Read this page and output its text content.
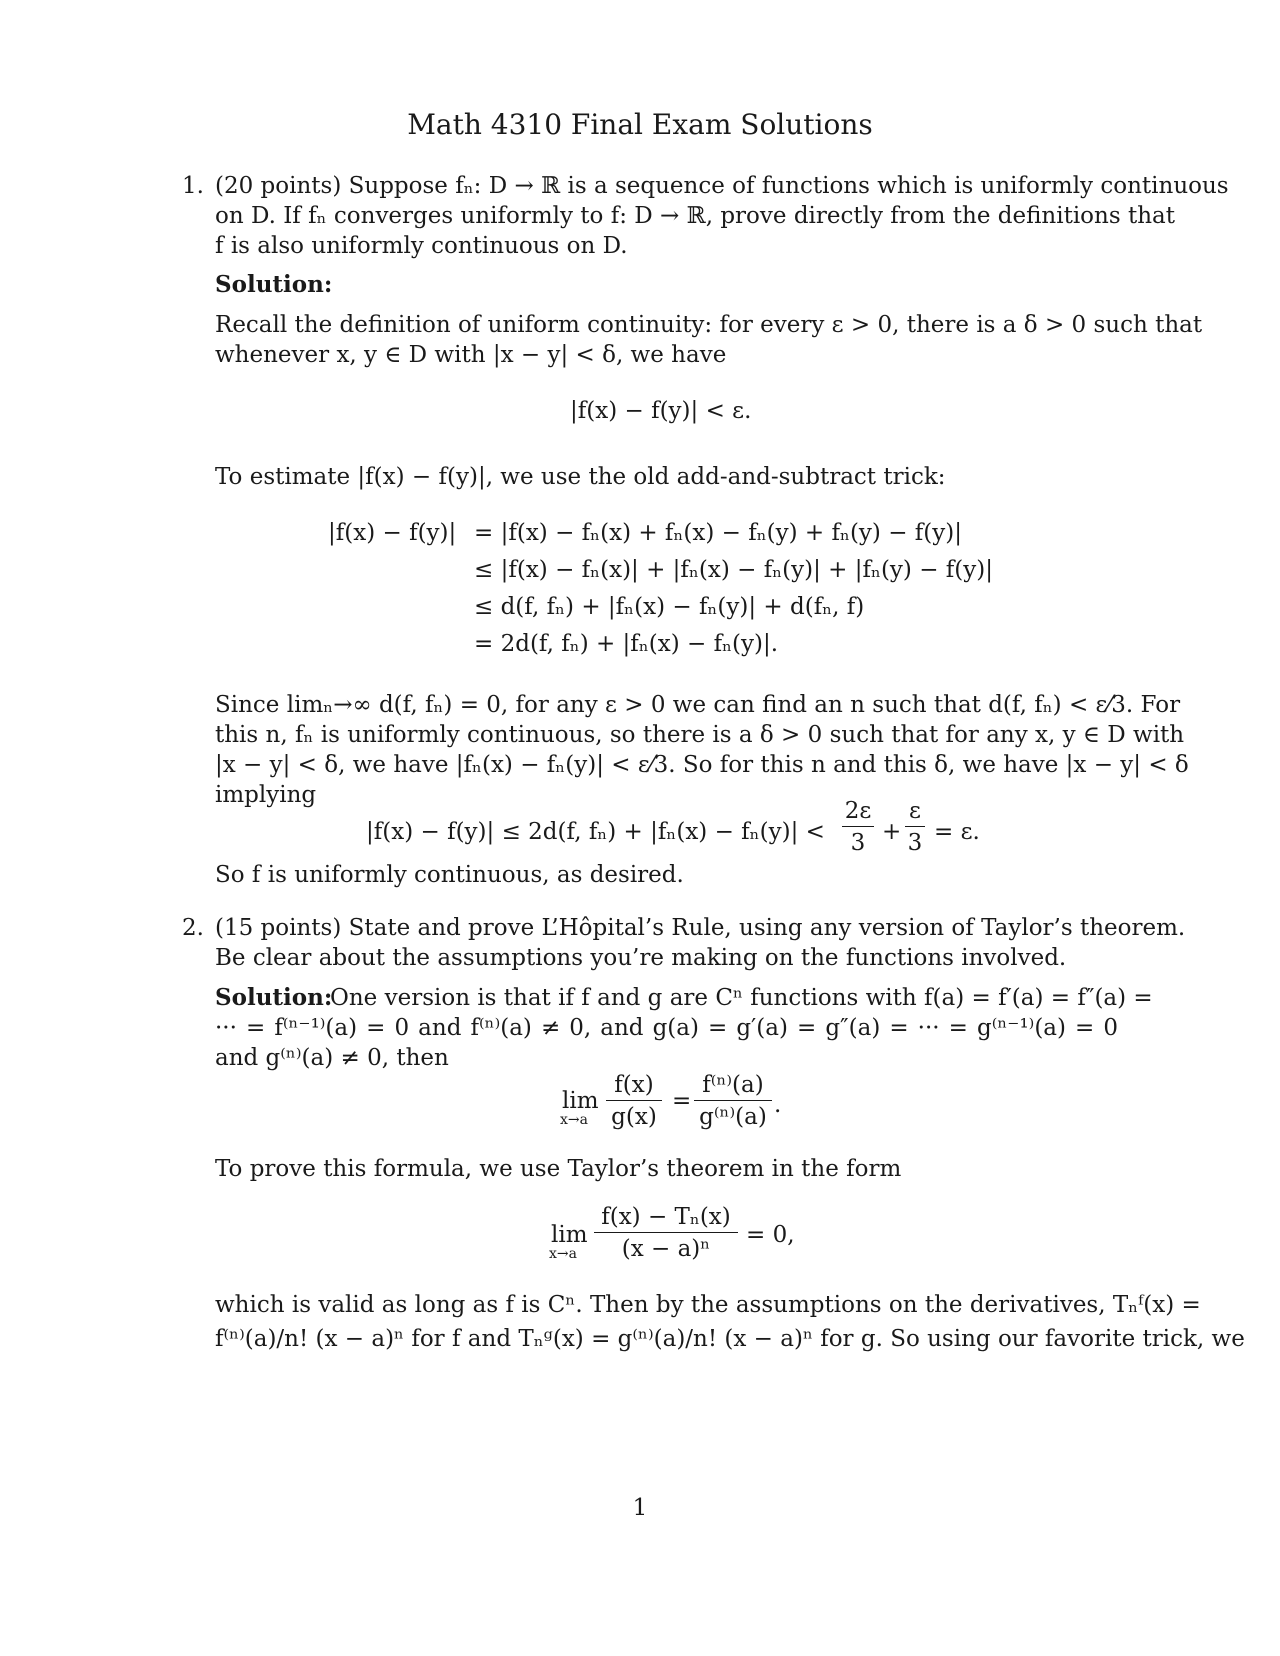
Math 4310 Final Exam Solutions
1. (20 points) Suppose fₙ: D → ℝ is a sequence of functions which is uniformly continuous
on D. If fₙ converges uniformly to f: D → ℝ, prove directly from the definitions that
f is also uniformly continuous on D.
Solution:
Recall the definition of uniform continuity: for every ε > 0, there is a δ > 0 such that
whenever x, y ∈ D with |x − y| < δ, we have
|f(x) − f(y)| < ε.
To estimate |f(x) − f(y)|, we use the old add-and-subtract trick:
|f(x) − f(y)| = |f(x) − fₙ(x) + fₙ(x) − fₙ(y) + fₙ(y) − f(y)|
≤ |f(x) − fₙ(x)| + |fₙ(x) − fₙ(y)| + |fₙ(y) − f(y)|
≤ d(f, fₙ) + |fₙ(x) − fₙ(y)| + d(fₙ, f)
= 2d(f, fₙ) + |fₙ(x) − fₙ(y)|.
Since limₙ→∞ d(f, fₙ) = 0, for any ε > 0 we can find an n such that d(f, fₙ) < ε⁄3. For
this n, fₙ is uniformly continuous, so there is a δ > 0 such that for any x, y ∈ D with
|x − y| < δ, we have |fₙ(x) − fₙ(y)| < ε⁄3. So for this n and this δ, we have |x − y| < δ
implying
|f(x) − f(y)| ≤ 2d(f, fₙ) + |fₙ(x) − fₙ(y)| <
2ε
3 +
ε
3 = ε.
So f is uniformly continuous, as desired.
2. (15 points) State and prove L’Hôpital’s Rule, using any version of Taylor’s theorem.
Be clear about the assumptions you’re making on the functions involved.
Solution:
One version is that if f and g are Cⁿ functions with f(a) = f′(a) = f″(a) =
··· = f⁽ⁿ⁻¹⁾(a) = 0 and f⁽ⁿ⁾(a) ≠ 0, and g(a) = g′(a) = g″(a) = ··· = g⁽ⁿ⁻¹⁾(a) = 0
and g⁽ⁿ⁾(a) ≠ 0, then
lim
x→a
f(x)
g(x)
=
f⁽ⁿ⁾(a)
g⁽ⁿ⁾(a) .
To prove this formula, we use Taylor’s theorem in the form
lim
x→a
f(x) − Tₙ(x)
(x − a)ⁿ
= 0,
which is valid as long as f is Cⁿ. Then by the assumptions on the derivatives, Tₙᶠ(x) =
f⁽ⁿ⁾(a)/n! (x − a)ⁿ for f and Tₙᵍ(x) = g⁽ⁿ⁾(a)/n! (x − a)ⁿ for g. So using our favorite trick, we
1
